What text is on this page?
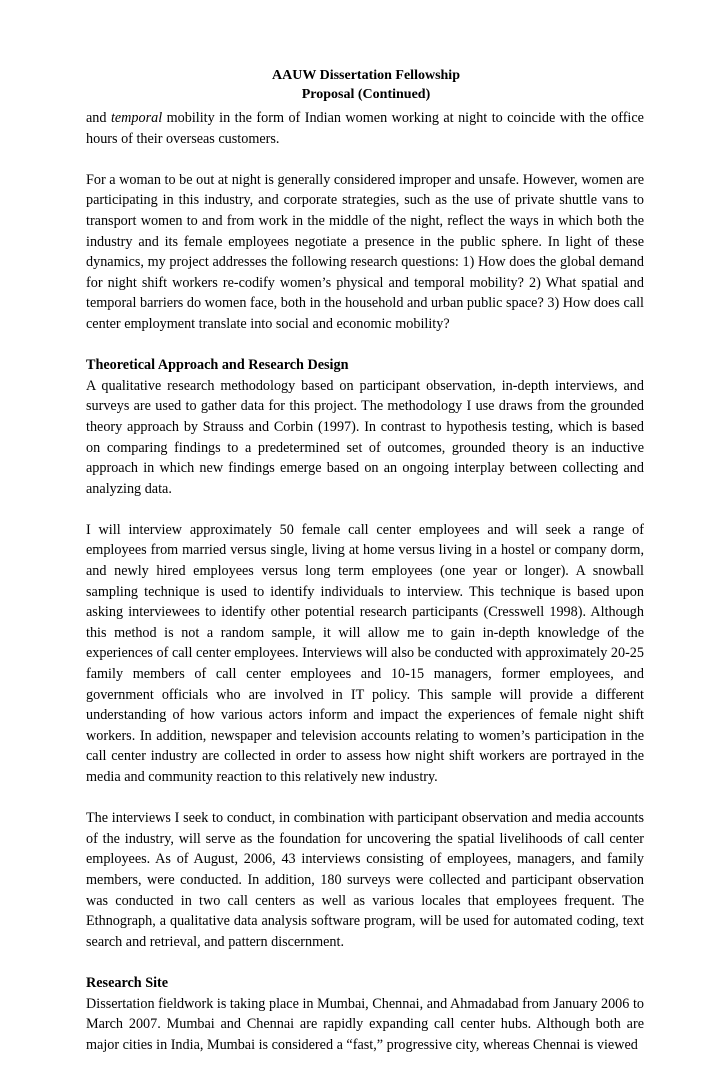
AAUW Dissertation Fellowship
Proposal (Continued)

and temporal mobility in the form of Indian women working at night to coincide with the office hours of their overseas customers.

For a woman to be out at night is generally considered improper and unsafe. However, women are participating in this industry, and corporate strategies, such as the use of private shuttle vans to transport women to and from work in the middle of the night, reflect the ways in which both the industry and its female employees negotiate a presence in the public sphere. In light of these dynamics, my project addresses the following research questions: 1) How does the global demand for night shift workers re-codify women’s physical and temporal mobility? 2) What spatial and temporal barriers do women face, both in the household and urban public space? 3) How does call center employment translate into social and economic mobility?

Theoretical Approach and Research Design

A qualitative research methodology based on participant observation, in-depth interviews, and surveys are used to gather data for this project. The methodology I use draws from the grounded theory approach by Strauss and Corbin (1997). In contrast to hypothesis testing, which is based on comparing findings to a predetermined set of outcomes, grounded theory is an inductive approach in which new findings emerge based on an ongoing interplay between collecting and analyzing data.

I will interview approximately 50 female call center employees and will seek a range of employees from married versus single, living at home versus living in a hostel or company dorm, and newly hired employees versus long term employees (one year or longer). A snowball sampling technique is used to identify individuals to interview. This technique is based upon asking interviewees to identify other potential research participants (Cresswell 1998). Although this method is not a random sample, it will allow me to gain in-depth knowledge of the experiences of call center employees. Interviews will also be conducted with approximately 20-25 family members of call center employees and 10-15 managers, former employees, and government officials who are involved in IT policy. This sample will provide a different understanding of how various actors inform and impact the experiences of female night shift workers. In addition, newspaper and television accounts relating to women’s participation in the call center industry are collected in order to assess how night shift workers are portrayed in the media and community reaction to this relatively new industry.

The interviews I seek to conduct, in combination with participant observation and media accounts of the industry, will serve as the foundation for uncovering the spatial livelihoods of call center employees. As of August, 2006, 43 interviews consisting of employees, managers, and family members, were conducted. In addition, 180 surveys were collected and participant observation was conducted in two call centers as well as various locales that employees frequent. The Ethnograph, a qualitative data analysis software program, will be used for automated coding, text search and retrieval, and pattern discernment.

Research Site

Dissertation fieldwork is taking place in Mumbai, Chennai, and Ahmadabad from January 2006 to March 2007. Mumbai and Chennai are rapidly expanding call center hubs. Although both are major cities in India, Mumbai is considered a “fast,” progressive city, whereas Chennai is viewed
